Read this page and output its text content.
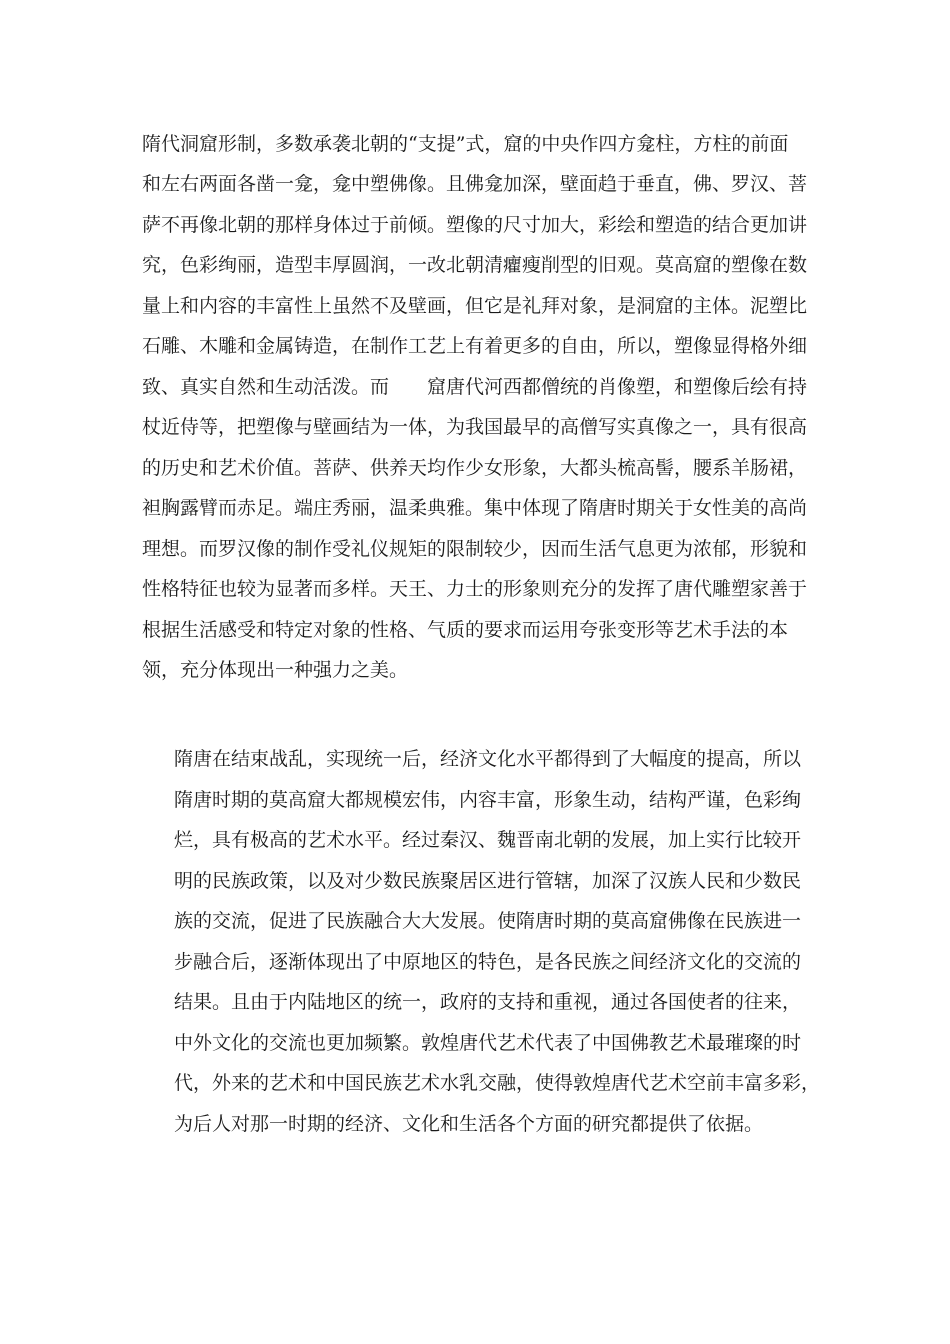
隋代洞窟形制，多数承袭北朝的“支提”式，窟的中央作四方龛柱，方柱的前面
和左右两面各凿一龛，龛中塑佛像。且佛龛加深，壁面趋于垂直，佛、罗汉、菩
萨不再像北朝的那样身体过于前倾。塑像的尺寸加大，彩绘和塑造的结合更加讲
究，色彩绚丽，造型丰厚圆润，一改北朝清癯瘦削型的旧观。莫高窟的塑像在数
量上和内容的丰富性上虽然不及壁画，但它是礼拜对象，是洞窟的主体。泥塑比
石雕、木雕和金属铸造，在制作工艺上有着更多的自由，所以，塑像显得格外细
致、真实自然和生动活泼。而　　窟唐代河西都僧统的肖像塑，和塑像后绘有持
杖近侍等，把塑像与壁画结为一体，为我国最早的高僧写实真像之一，具有很高
的历史和艺术价值。菩萨、供养天均作少女形象，大都头梳高髻，腰系羊肠裙，
袒胸露臂而赤足。端庄秀丽，温柔典雅。集中体现了隋唐时期关于女性美的高尚
理想。而罗汉像的制作受礼仪规矩的限制较少，因而生活气息更为浓郁，形貌和
性格特征也较为显著而多样。天王、力士的形象则充分的发挥了唐代雕塑家善于
根据生活感受和特定对象的性格、气质的要求而运用夸张变形等艺术手法的本
领，充分体现出一种强力之美。
隋唐在结束战乱，实现统一后，经济文化水平都得到了大幅度的提高，所以
隋唐时期的莫高窟大都规模宏伟，内容丰富，形象生动，结构严谨，色彩绚
烂，具有极高的艺术水平。经过秦汉、魏晋南北朝的发展，加上实行比较开
明的民族政策，以及对少数民族聚居区进行管辖，加深了汉族人民和少数民
族的交流，促进了民族融合大大发展。使隋唐时期的莫高窟佛像在民族进一
步融合后，逐渐体现出了中原地区的特色，是各民族之间经济文化的交流的
结果。且由于内陆地区的统一，政府的支持和重视，通过各国使者的往来，
中外文化的交流也更加频繁。敦煌唐代艺术代表了中国佛教艺术最璀璨的时
代，外来的艺术和中国民族艺术水乳交融，使得敦煌唐代艺术空前丰富多彩，
为后人对那一时期的经济、文化和生活各个方面的研究都提供了依据。
